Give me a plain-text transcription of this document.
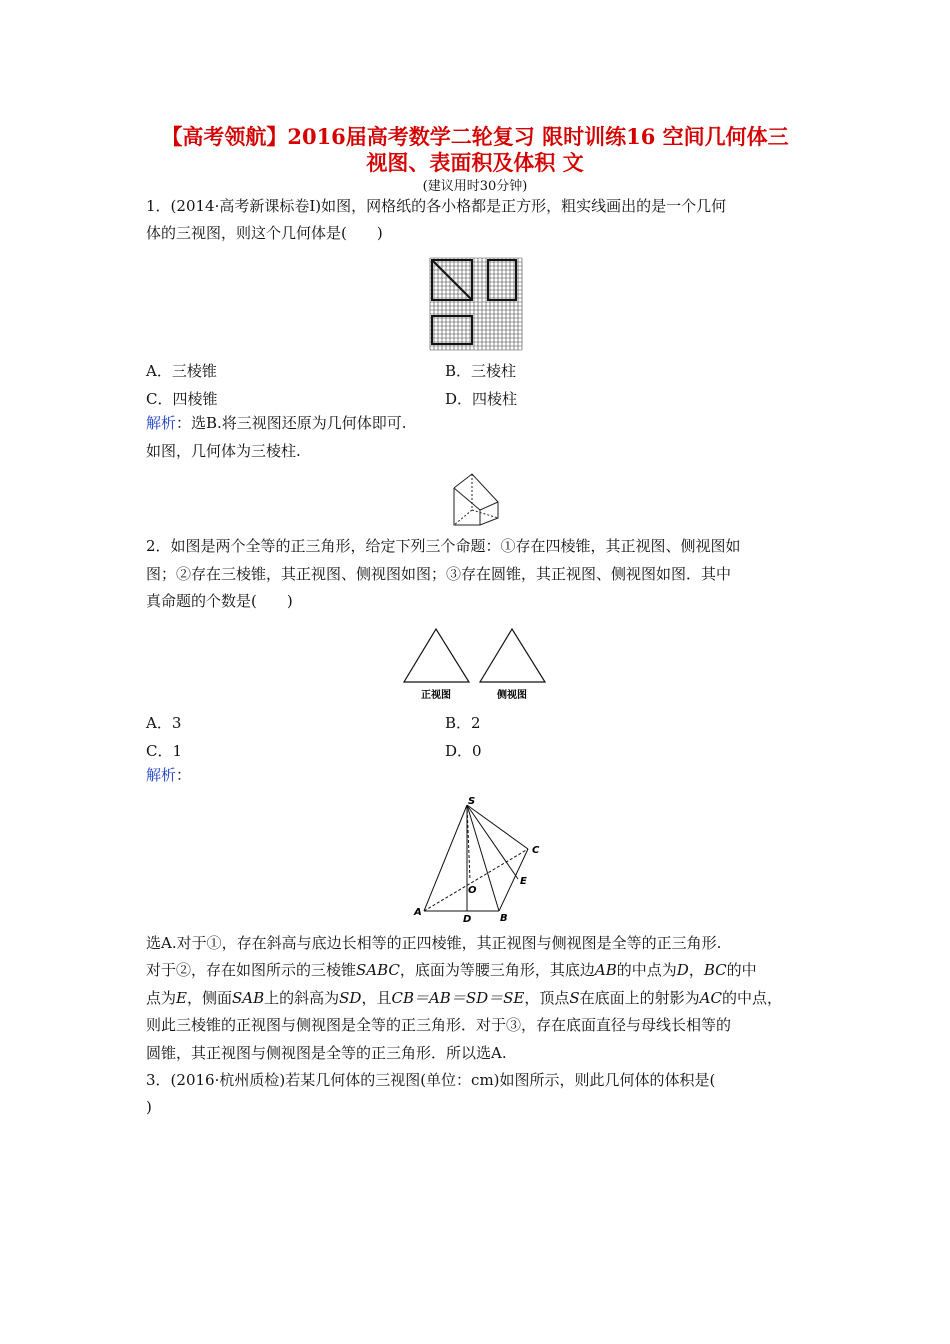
【高考领航】2016届高考数学二轮复习 限时训练16 空间几何体三
视图、表面积及体积 文
(建议用时30分钟)
1．(2014·高考新课标卷Ⅰ)如图，网格纸的各小格都是正方形，粗实线画出的是一个几何
体的三视图，则这个几何体是(　　)
A．三棱锥	B．三棱柱
C．四棱锥	D．四棱柱
解析：选B.将三视图还原为几何体即可.
如图，几何体为三棱柱.
2．如图是两个全等的正三角形，给定下列三个命题：①存在四棱锥，其正视图、侧视图如
图；②存在三棱锥，其正视图、侧视图如图；③存在圆锥，其正视图、侧视图如图．其中
真命题的个数是(　　)
正视图	侧视图
A．3	B．2
C．1	D．0
解析：
S
C
E
O
A
D	B
选A.对于①，存在斜高与底边长相等的正四棱锥，其正视图与侧视图是全等的正三角形.
对于②，存在如图所示的三棱锥SABC，底面为等腰三角形，其底边AB的中点为D，BC的中
点为E，侧面SAB上的斜高为SD，且CB＝AB＝SD＝SE，顶点S在底面上的射影为AC的中点，
则此三棱锥的正视图与侧视图是全等的正三角形．对于③，存在底面直径与母线长相等的
圆锥，其正视图与侧视图是全等的正三角形．所以选A.
3．(2016·杭州质检)若某几何体的三视图(单位：cm)如图所示，则此几何体的体积是(
)
